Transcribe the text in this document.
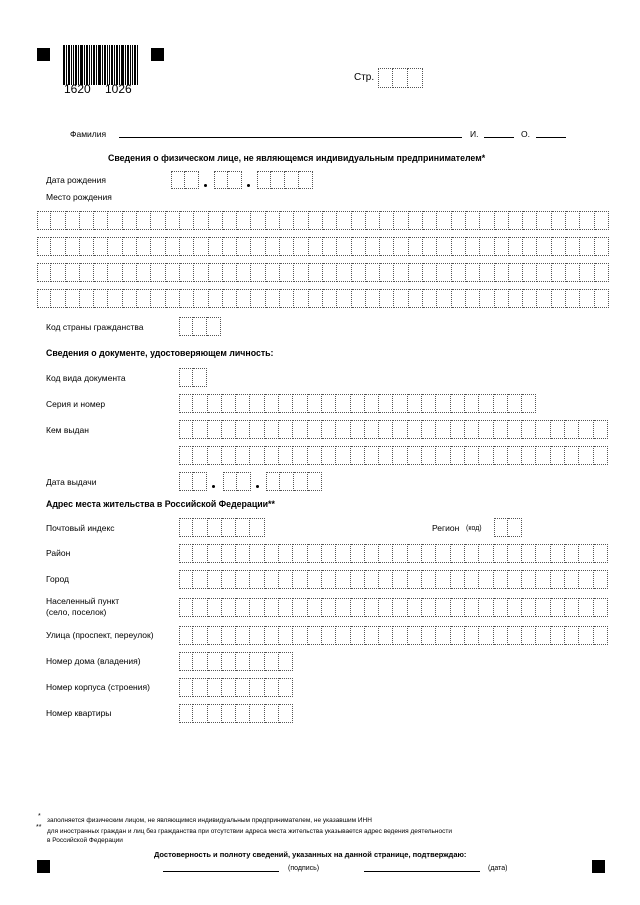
1620 1026
Стр.
Фамилия	И.	О.
Сведения о физическом лице, не являющемся индивидуальным предпринимателем*
Дата рождения
Место рождения
Код страны гражданства
Сведения о документе, удостоверяющем личность:
Код вида документа
Серия и номер
Кем выдан
Дата выдачи
Адрес места жительства в Российской Федерации**
Почтовый индекс	Регион (код)
Район
Город
Населенный пункт
(село, поселок)
Улица (проспект, переулок)
Номер дома (владения)
Номер корпуса (строения)
Номер квартиры
*
заполняется физическим лицом, не являющимся индивидуальным предпринимателем, не указавшим ИНН
**
для иностранных граждан и лиц без гражданства при отсутствии адреса места жительства указывается адрес ведения деятельности
в Российской Федерации
Достоверность и полноту сведений, указанных на данной странице, подтверждаю:
(подпись)	(дата)
